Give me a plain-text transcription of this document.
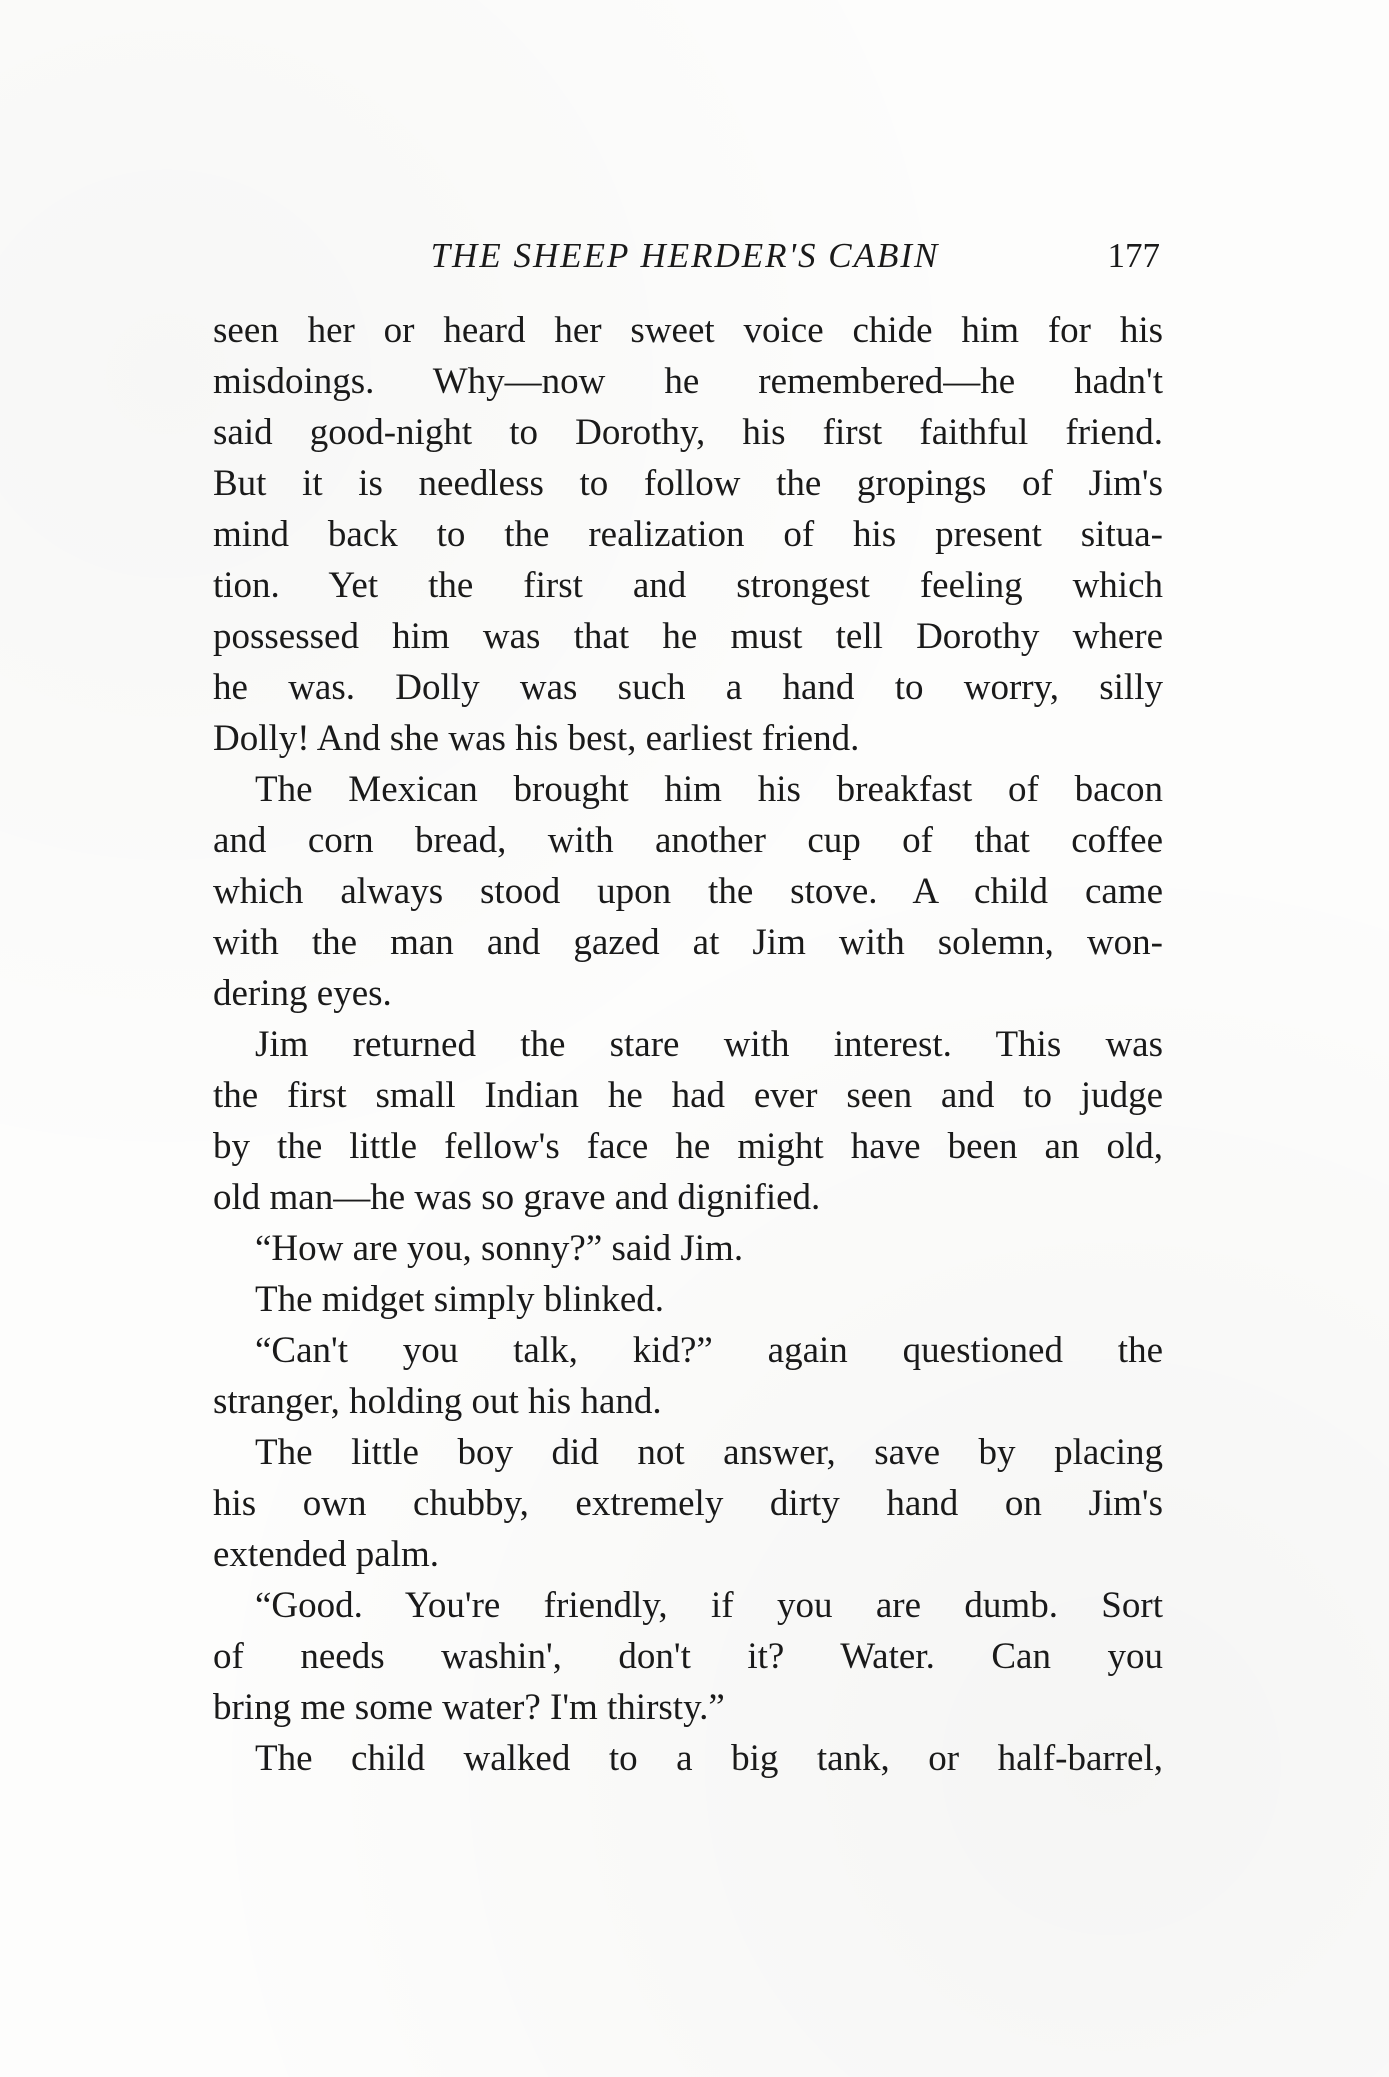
THE SHEEP HERDER'S CABIN	177
seen her or heard her sweet voice chide him for his
misdoings. Why—now he remembered—he hadn't
said good-night to Dorothy, his first faithful friend.
But it is needless to follow the gropings of Jim's
mind back to the realization of his present situa-
tion. Yet the first and strongest feeling which
possessed him was that he must tell Dorothy where
he was. Dolly was such a hand to worry, silly
Dolly! And she was his best, earliest friend.
The Mexican brought him his breakfast of bacon
and corn bread, with another cup of that coffee
which always stood upon the stove. A child came
with the man and gazed at Jim with solemn, won-
dering eyes.
Jim returned the stare with interest. This was
the first small Indian he had ever seen and to judge
by the little fellow's face he might have been an old,
old man—he was so grave and dignified.
“How are you, sonny?” said Jim.
The midget simply blinked.
“Can't you talk, kid?” again questioned the
stranger, holding out his hand.
The little boy did not answer, save by placing
his own chubby, extremely dirty hand on Jim's
extended palm.
“Good. You're friendly, if you are dumb. Sort
of needs washin', don't it? Water. Can you
bring me some water? I'm thirsty.”
The child walked to a big tank, or half-barrel,
